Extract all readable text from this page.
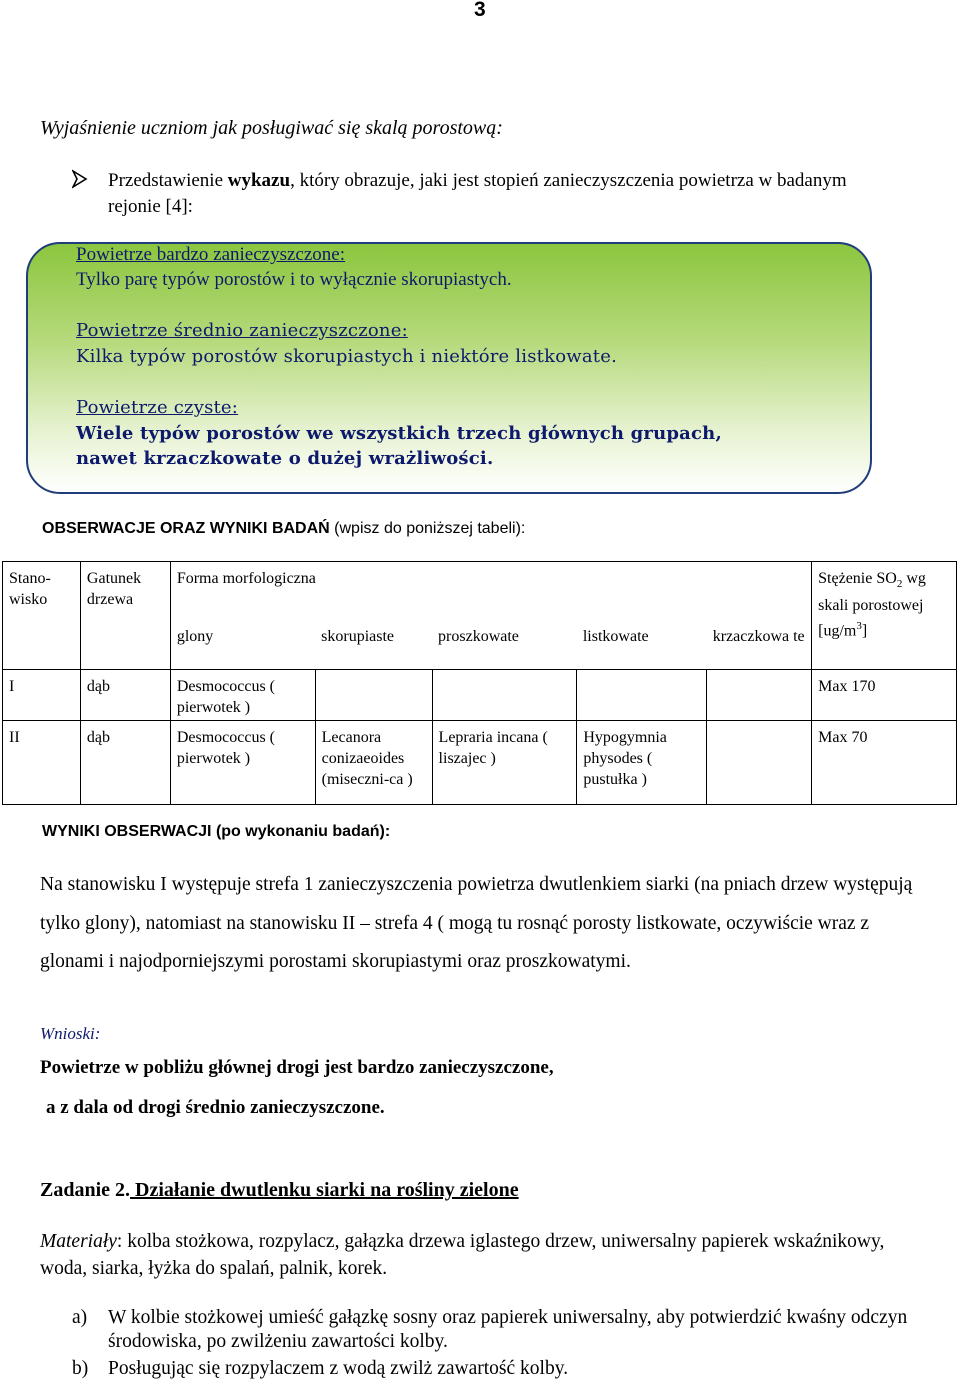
3
Wyjaśnienie uczniom jak posługiwać się skalą porostową:
Przedstawienie wykazu, który obrazuje, jaki jest stopień zanieczyszczenia powietrza w badanym rejonie [4]:
Powietrze bardzo zanieczyszczone:
Tylko parę typów porostów i to wyłącznie skorupiastych.
Powietrze średnio zanieczyszczone:
Kilka typów porostów skorupiastych i niektóre listkowate.
Powietrze czyste:
Wiele typów porostów we wszystkich trzech głównych grupach,
nawet krzaczkowate o dużej wrażliwości.
OBSERWACJE ORAZ WYNIKI BADAŃ (wpisz do poniższej tabeli):
Stano-wisko	Gatunek drzewa	Forma morfologiczna					Stężenie $SO_2$ wg skali porostowej $[ug/m^3]$
		glony	skorupiaste	proszkowate	listkowate	krzaczkowa te	
I	dąb	Desmococcus ( pierwotek )					Max 170
II	dąb	Desmococcus ( pierwotek )	Lecanora conizaeoides (miseczni-ca )	Lepraria incana ( liszajec )	Hypogymnia physodes ( pustułka )		Max 70
WYNIKI OBSERWACJI (po wykonaniu badań):
Na stanowisku I występuje strefa 1 zanieczyszczenia powietrza dwutlenkiem siarki (na pniach drzew występują tylko glony), natomiast na stanowisku II – strefa 4 ( mogą tu rosnąć porosty listkowate, oczywiście wraz z glonami i najodporniejszymi porostami skorupiastymi oraz proszkowatymi.
Wnioski:
Powietrze w pobliżu głównej drogi jest bardzo zanieczyszczone,
a z dala od drogi średnio zanieczyszczone.
Zadanie 2. Działanie dwutlenku siarki na rośliny zielone
Materiały: kolba stożkowa, rozpylacz, gałązka drzewa iglastego drzew, uniwersalny papierek wskaźnikowy, woda, siarka, łyżka do spalań, palnik, korek.
a) W kolbie stożkowej umieść gałązkę sosny oraz papierek uniwersalny, aby potwierdzić kwaśny odczyn środowiska, po zwilżeniu zawartości kolby.
b) Posługując się rozpylaczem z wodą zwilż zawartość kolby.
